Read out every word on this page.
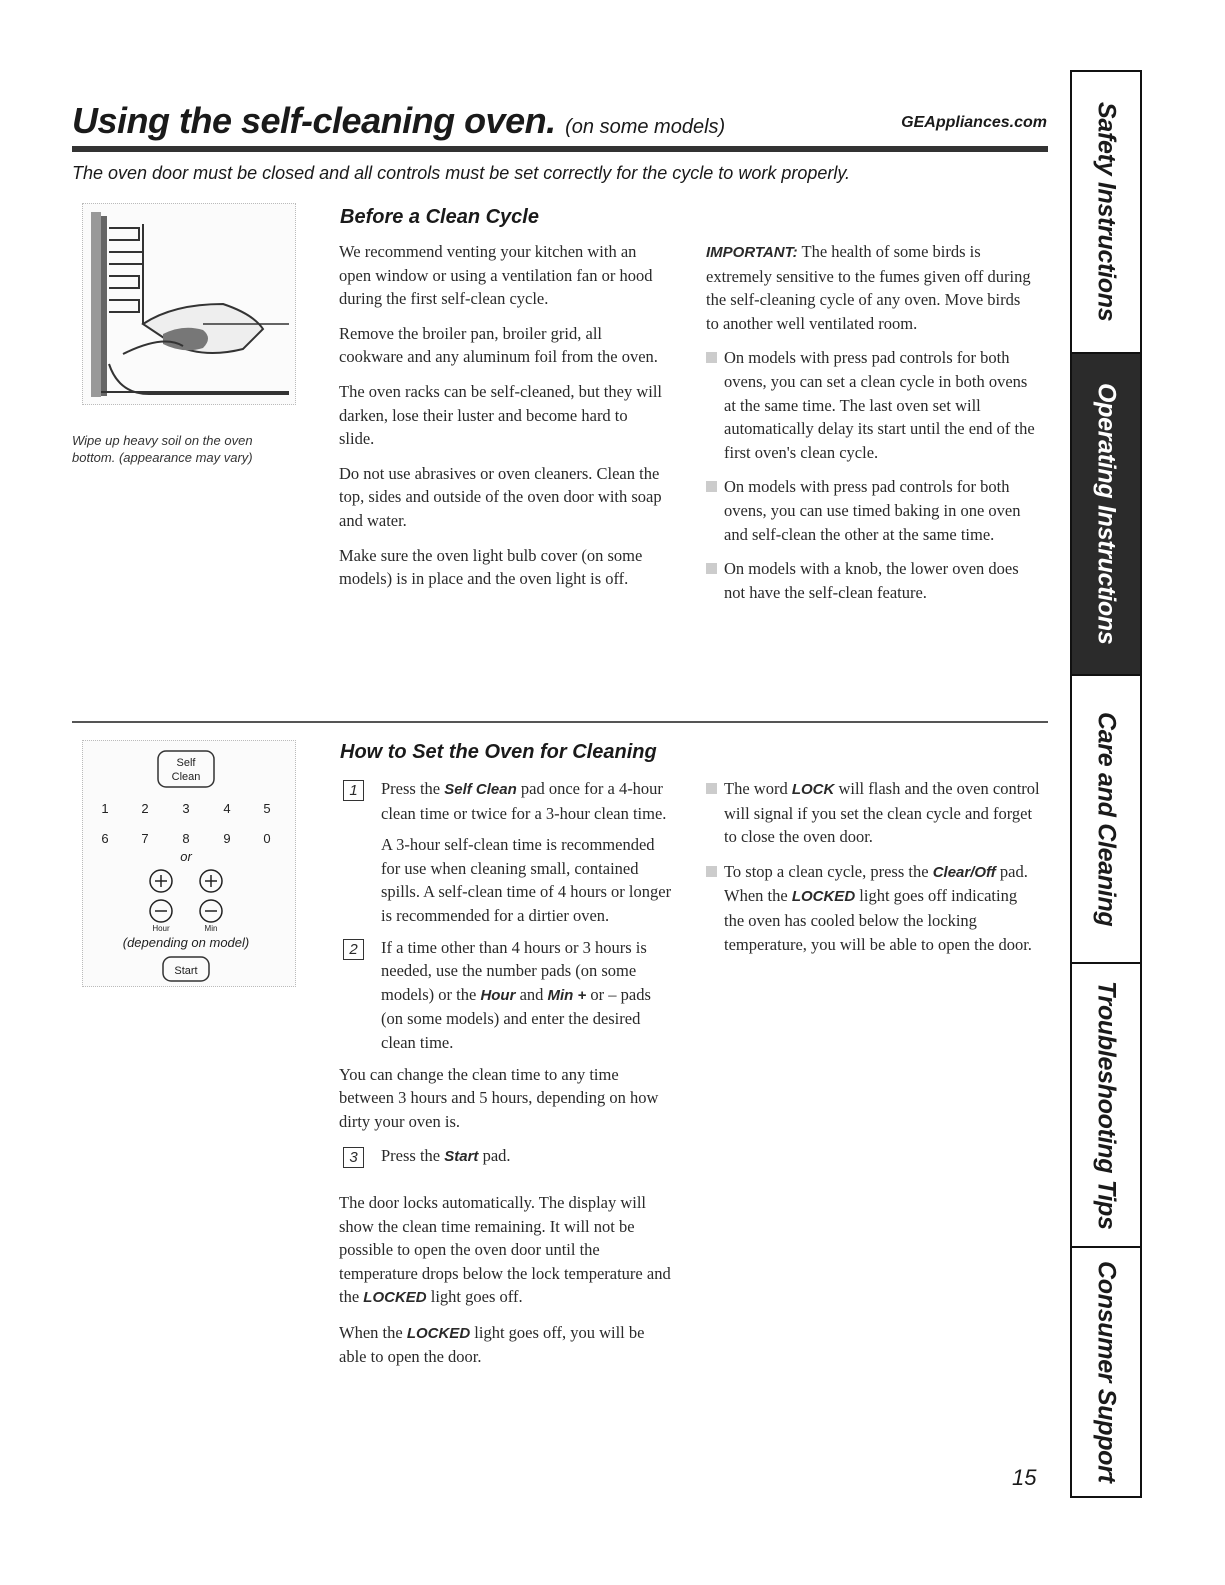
Using the self-cleaning oven. (on some models)	GEAppliances.com
The oven door must be closed and all controls must be set correctly for the cycle to work properly.
Wipe up heavy soil on the oven bottom. (appearance may vary)
Before a Clean Cycle

We recommend venting your kitchen with an open window or using a ventilation fan or hood during the first self-clean cycle.

Remove the broiler pan, broiler grid, all cookware and any aluminum foil from the oven.

The oven racks can be self-cleaned, but they will darken, lose their luster and become hard to slide.

Do not use abrasives or oven cleaners. Clean the top, sides and outside of the oven door with soap and water.

Make sure the oven light bulb cover (on some models) is in place and the oven light is off.

IMPORTANT: The health of some birds is extremely sensitive to the fumes given off during the self-cleaning cycle of any oven. Move birds to another well ventilated room.

On models with press pad controls for both ovens, you can set a clean cycle in both ovens at the same time. The last oven set will automatically delay its start until the end of the first oven's clean cycle.
On models with press pad controls for both ovens, you can use timed baking in one oven and self-clean the other at the same time.
On models with a knob, the lower oven does not have the self-clean feature.
Self
Clean
1	2	3	4	5
6	7	8	9	0
or
Hour	Min
(depending on model)
Start
How to Set the Oven for Cleaning
1	Press the Self Clean pad once for a 4-hour clean time or twice for a 3-hour clean time.
A 3-hour self-clean time is recommended for use when cleaning small, contained spills. A self-clean time of 4 hours or longer is recommended for a dirtier oven.
2	If a time other than 4 hours or 3 hours is needed, use the number pads (on some models) or the Hour and Min + or – pads (on some models) and enter the desired clean time.

You can change the clean time to any time between 3 hours and 5 hours, depending on how dirty your oven is.

3	Press the Start pad.

The door locks automatically. The display will show the clean time remaining. It will not be possible to open the oven door until the temperature drops below the lock temperature and the LOCKED light goes off.

When the LOCKED light goes off, you will be able to open the door.

The word LOCK will flash and the oven control will signal if you set the clean cycle and forget to close the oven door.
To stop a clean cycle, press the Clear/Off pad. When the LOCKED light goes off indicating the oven has cooled below the locking temperature, you will be able to open the door.
15
Safety Instructions
Operating Instructions
Care and Cleaning
Troubleshooting Tips
Consumer Support
